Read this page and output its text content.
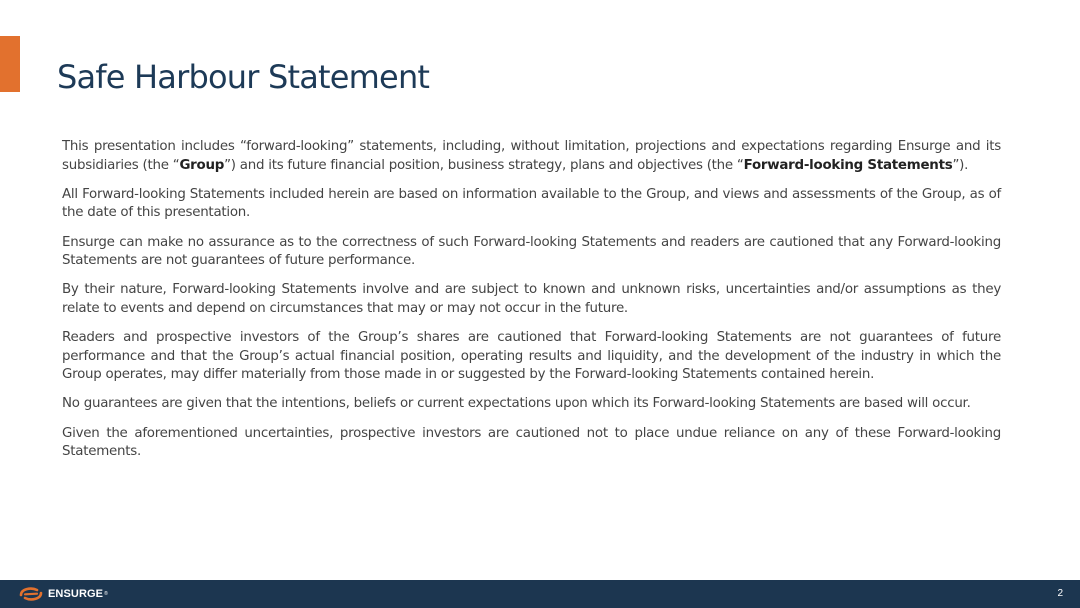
Safe Harbour Statement

This presentation includes “forward-looking” statements, including, without limitation, projections and expectations regarding Ensurge and its subsidiaries (the “Group”) and its future financial position, business strategy, plans and objectives (the “Forward-looking Statements”).

All Forward-looking Statements included herein are based on information available to the Group, and views and assessments of the Group, as of the date of this presentation.

Ensurge can make no assurance as to the correctness of such Forward-looking Statements and readers are cautioned that any Forward-looking Statements are not guarantees of future performance.

By their nature, Forward-looking Statements involve and are subject to known and unknown risks, uncertainties and/or assumptions as they relate to events and depend on circumstances that may or may not occur in the future.

Readers and prospective investors of the Group’s shares are cautioned that Forward-looking Statements are not guarantees of future performance and that the Group’s actual financial position, operating results and liquidity, and the development of the industry in which the Group operates, may differ materially from those made in or suggested by the Forward-looking Statements contained herein.

No guarantees are given that the intentions, beliefs or current expectations upon which its Forward-looking Statements are based will occur.

Given the aforementioned uncertainties, prospective investors are cautioned not to place undue reliance on any of these Forward-looking Statements.

ENSURGE ®	2
